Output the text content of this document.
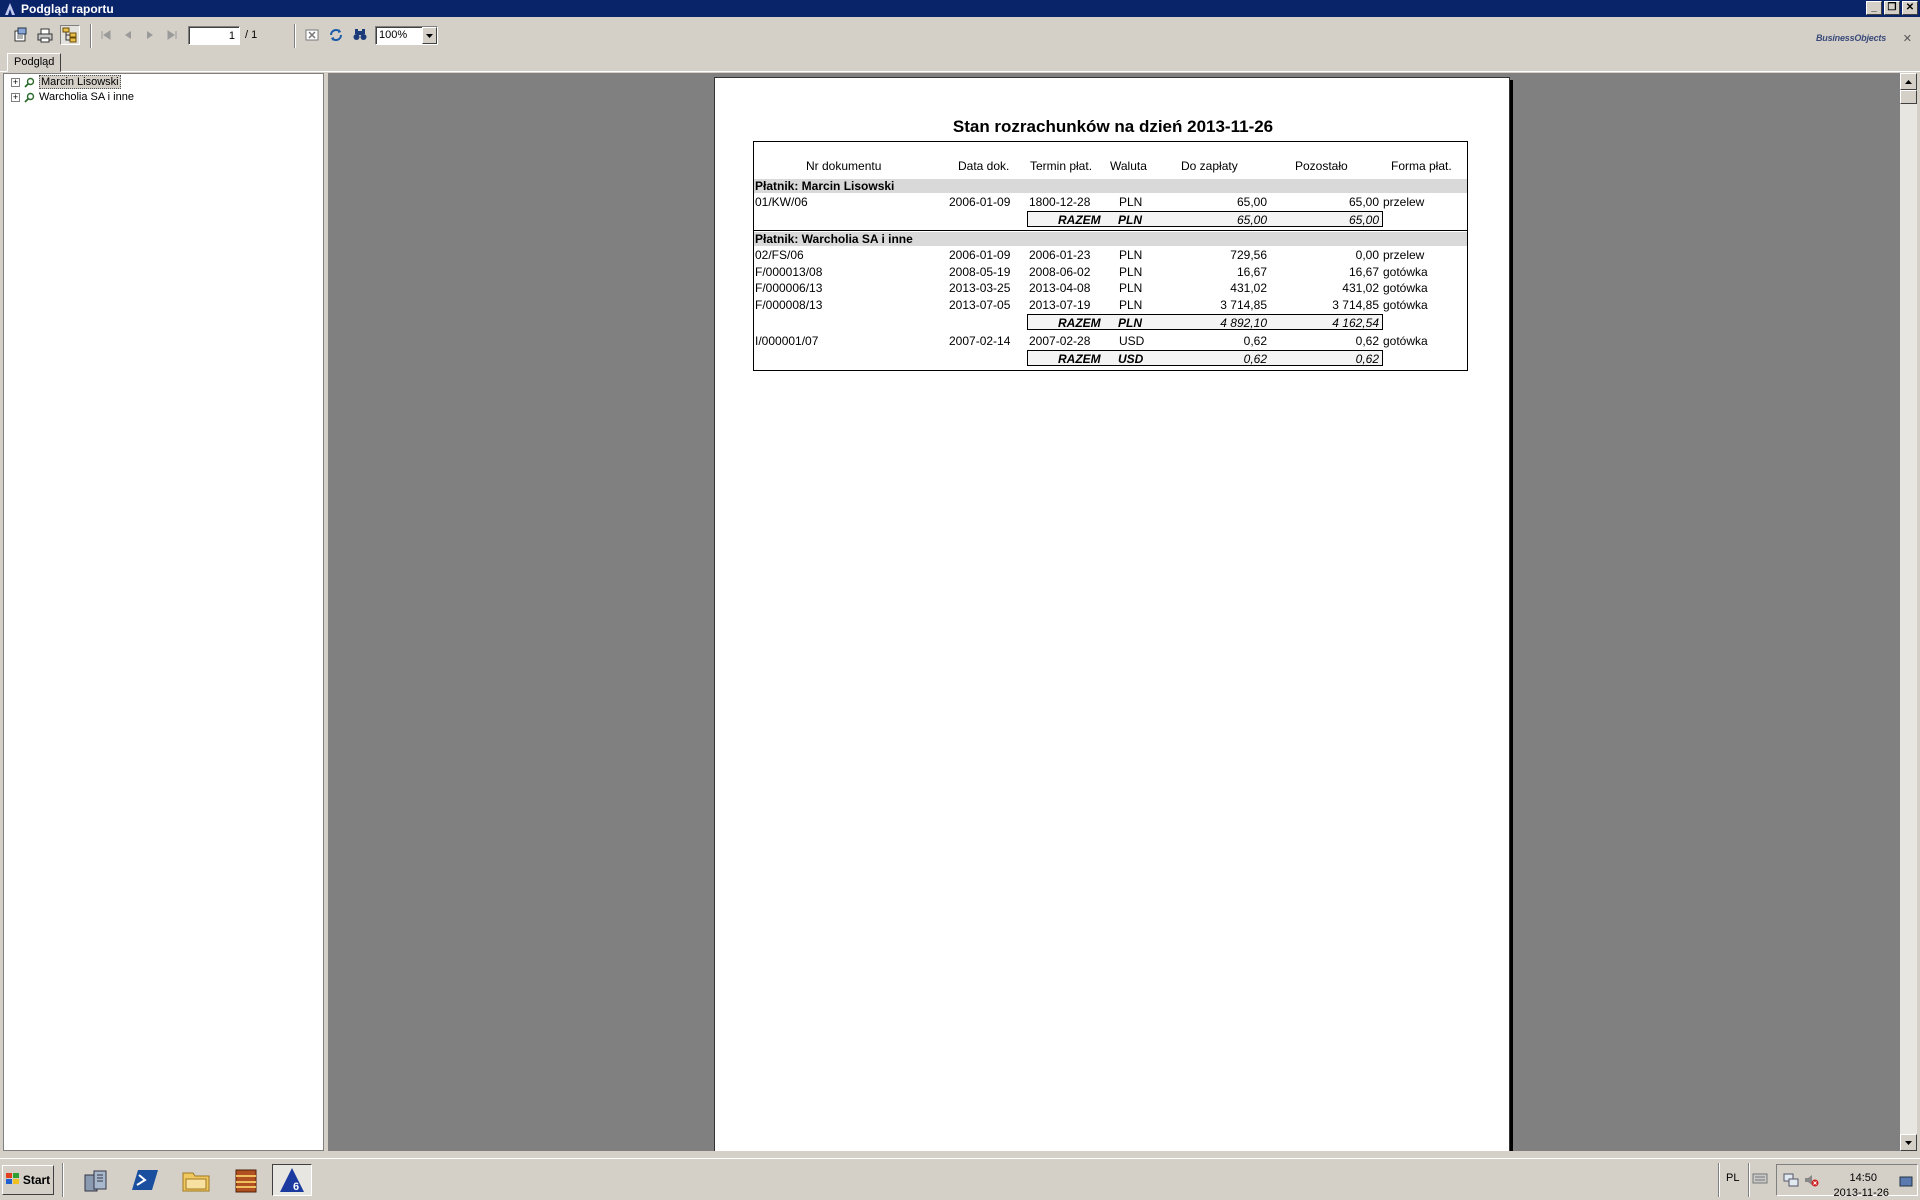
Podgląd raportu	_	❐ ✕
1
/ 1	100%	BusinessObjects ✕
Podgląd
+ Marcin Lisowski
+ Warcholia SA i inne
Stan rozrachunków na dzień 2013-11-26
Nr dokumentu	Data dok. Termin płat. Waluta	Do zapłaty	Pozostało	Forma płat.
Płatnik: Marcin Lisowski
01/KW/06	2006-01-09 1800-12-28 PLN	65,00	65,00 przelew
RAZEM PLN	65,00	65,00
Płatnik: Warcholia SA i inne
02/FS/06	2006-01-09 2006-01-23 PLN	729,56	0,00 przelew
F/000013/08	2008-05-19 2008-06-02 PLN	16,67	16,67 gotówka
F/000006/13	2013-03-25 2013-04-08 PLN	431,02	431,02 gotówka
F/000008/13	2013-07-05 2013-07-19 PLN	3 714,85	3 714,85 gotówka
RAZEM PLN	4 892,10	4 162,54
I/000001/07	2007-02-14 2007-02-28 USD	0,62	0,62 gotówka
RAZEM USD	0,62	0,62
Start	6
PL	14:50
2013-11-26
